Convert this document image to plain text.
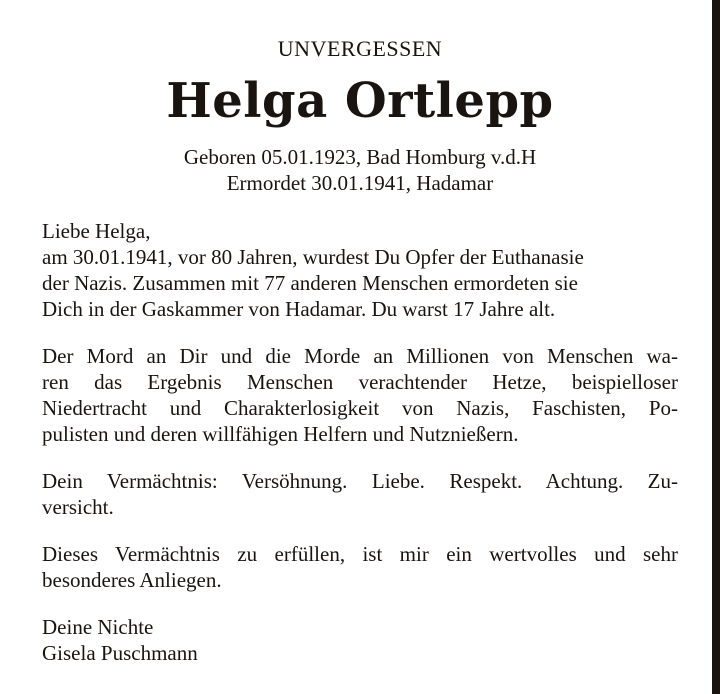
UNVERGESSEN

Helga Ortlepp

Geboren 05.01.1923, Bad Homburg v.d.H

Ermordet 30.01.1941, Hadamar

Liebe Helga,
am 30.01.1941, vor 80 Jahren, wurdest Du Opfer der Euthanasie
der Nazis. Zusammen mit 77 anderen Menschen ermordeten sie
Dich in der Gaskammer von Hadamar. Du warst 17 Jahre alt.

Der Mord an Dir und die Morde an Millionen von Menschen wa-
ren das Ergebnis Menschen verachtender Hetze, beispielloser
Niedertracht und Charakterlosigkeit von Nazis, Faschisten, Po-
pulisten und deren willfähigen Helfern und Nutznießern.

Dein Vermächtnis: Versöhnung. Liebe. Respekt. Achtung. Zu-
versicht.

Dieses Vermächtnis zu erfüllen, ist mir ein wertvolles und sehr
besonderes Anliegen.

Deine Nichte
Gisela Puschmann
